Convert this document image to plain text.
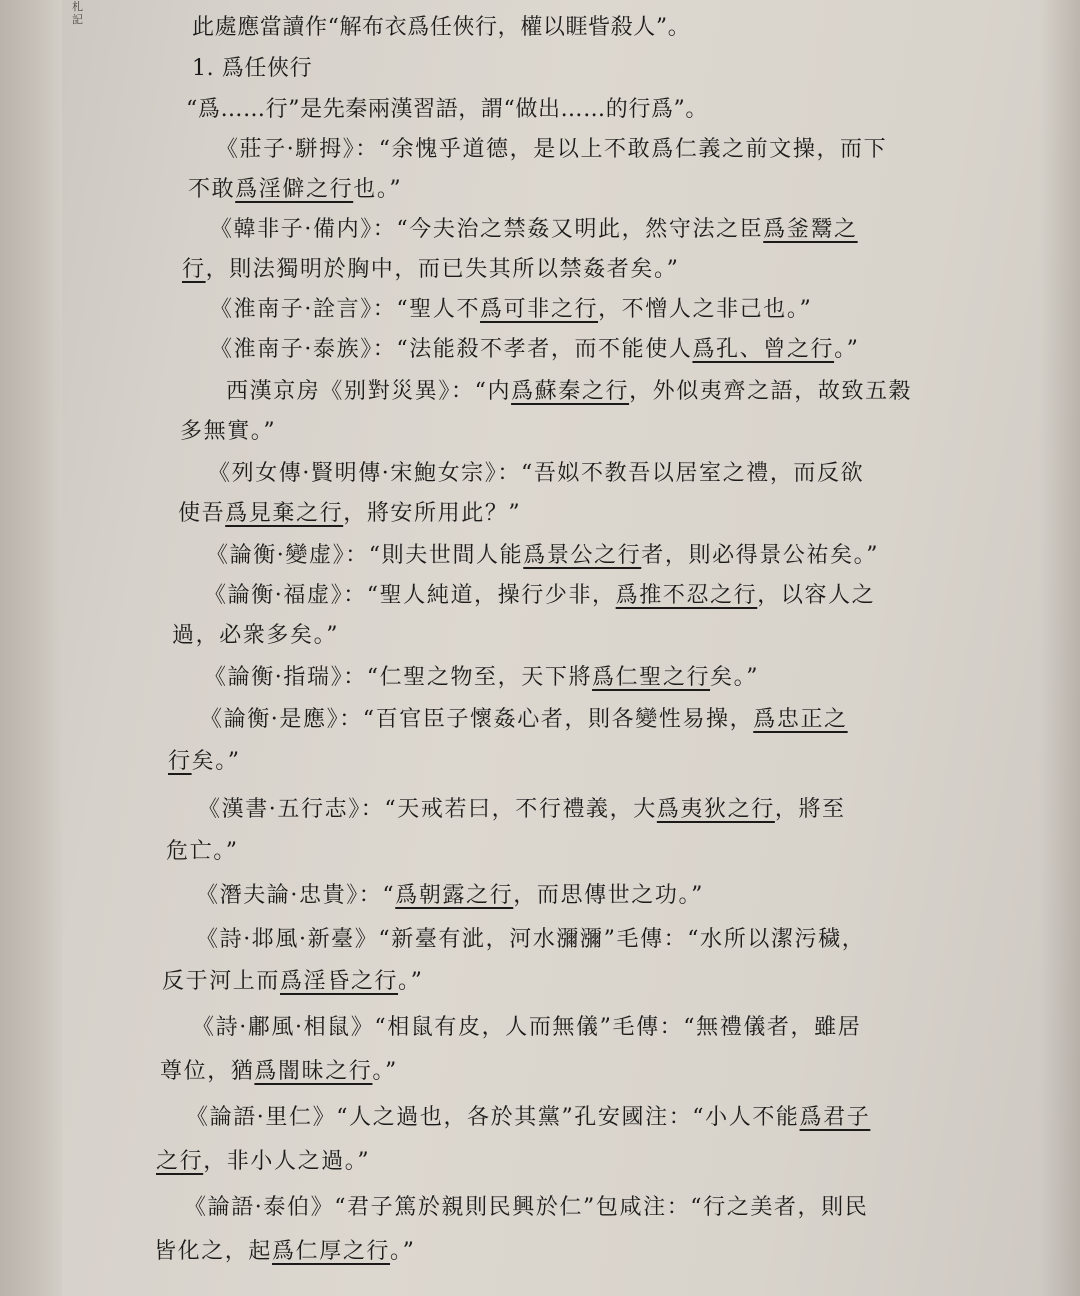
札記	此處應當讀作“解布衣爲任俠行，權以睚眥殺人”。
1. 爲任俠行
“爲……行”是先秦兩漢習語，謂“做出……的行爲”。
《莊子·駢拇》：“余愧乎道德，是以上不敢爲仁義之前文操，而下
不敢爲淫僻之行也。”
《韓非子·備内》：“今夫治之禁姦又明此，然守法之臣爲釜鬵之
行，則法獨明於胸中，而已失其所以禁姦者矣。”
《淮南子·詮言》：“聖人不爲可非之行，不憎人之非己也。”
《淮南子·泰族》：“法能殺不孝者，而不能使人爲孔、曾之行。”
西漢京房《别對災異》：“内爲蘇秦之行，外似夷齊之語，故致五穀
多無實。”
《列女傳·賢明傳·宋鮑女宗》：“吾姒不教吾以居室之禮，而反欲
使吾爲見棄之行，將安所用此？”
《論衡·變虚》：“則夫世間人能爲景公之行者，則必得景公祐矣。”
《論衡·福虚》：“聖人純道，操行少非，爲推不忍之行，以容人之
過，必衆多矣。”
《論衡·指瑞》：“仁聖之物至，天下將爲仁聖之行矣。”
《論衡·是應》：“百官臣子懷姦心者，則各變性易操，爲忠正之
行矣。”
《漢書·五行志》：“天戒若曰，不行禮義，大爲夷狄之行，將至
危亡。”
《潛夫論·忠貴》：“爲朝露之行，而思傳世之功。”
《詩·邶風·新臺》“新臺有泚，河水瀰瀰”毛傳：“水所以潔污穢，
反于河上而爲淫昏之行。”
《詩·鄘風·相鼠》“相鼠有皮，人而無儀”毛傳：“無禮儀者，雖居
尊位，猶爲闇昧之行。”
《論語·里仁》“人之過也，各於其黨”孔安國注：“小人不能爲君子
之行，非小人之過。”
《論語·泰伯》“君子篤於親則民興於仁”包咸注：“行之美者，則民
皆化之，起爲仁厚之行。”
